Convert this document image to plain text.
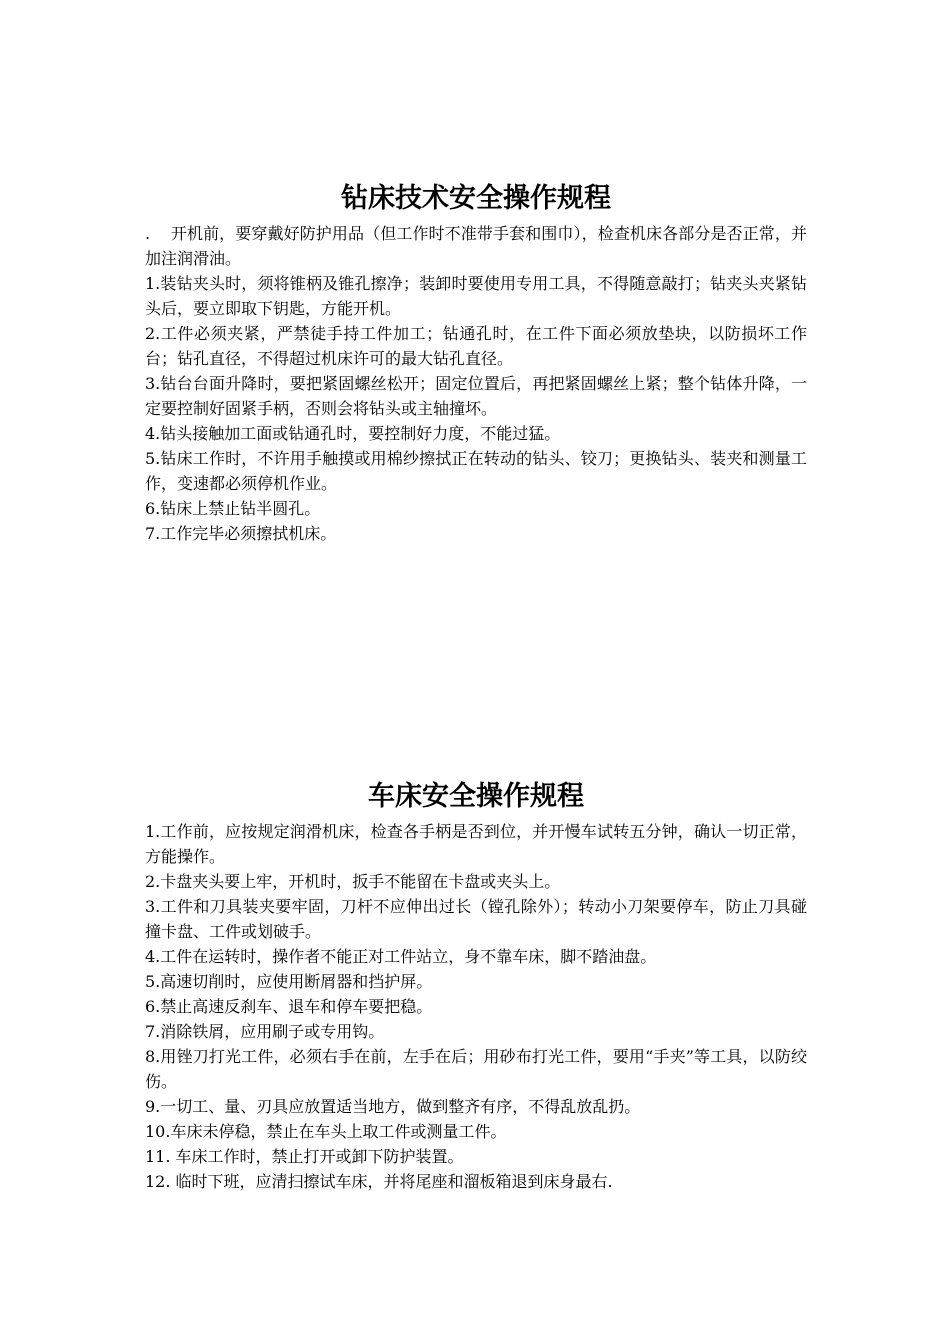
钻床技术安全操作规程
.    开机前，要穿戴好防护用品（但工作时不准带手套和围巾），检查机床各部分是否正常，并加注润滑油。
1.装钻夹头时，须将锥柄及锥孔擦净；装卸时要使用专用工具，不得随意敲打；钻夹头夹紧钻头后，要立即取下钥匙，方能开机。
2.工件必须夹紧，严禁徒手持工件加工；钻通孔时，在工件下面必须放垫块，以防损坏工作台；钻孔直径，不得超过机床许可的最大钻孔直径。
3.钻台台面升降时，要把紧固螺丝松开；固定位置后，再把紧固螺丝上紧；整个钻体升降，一定要控制好固紧手柄，否则会将钻头或主轴撞坏。
4.钻头接触加工面或钻通孔时，要控制好力度，不能过猛。
5.钻床工作时，不许用手触摸或用棉纱擦拭正在转动的钻头、铰刀；更换钻头、装夹和测量工作，变速都必须停机作业。
6.钻床上禁止钻半圆孔。
7.工作完毕必须擦拭机床。
车床安全操作规程
1.工作前，应按规定润滑机床，检查各手柄是否到位，并开慢车试转五分钟，确认一切正常，方能操作。
2.卡盘夹头要上牢，开机时，扳手不能留在卡盘或夹头上。
3.工件和刀具装夹要牢固，刀杆不应伸出过长（镗孔除外）；转动小刀架要停车，防止刀具碰撞卡盘、工件或划破手。
4.工件在运转时，操作者不能正对工件站立，身不靠车床，脚不踏油盘。
5.高速切削时，应使用断屑器和挡护屏。
6.禁止高速反刹车、退车和停车要把稳。
7.消除铁屑，应用刷子或专用钩。
8.用锉刀打光工件，必须右手在前，左手在后；用砂布打光工件，要用“手夹”等工具，以防绞伤。
9.一切工、量、刃具应放置适当地方，做到整齐有序，不得乱放乱扔。
10.车床未停稳，禁止在车头上取工件或测量工件。
11. 车床工作时，禁止打开或卸下防护装置。
12. 临时下班，应清扫擦试车床，并将尾座和溜板箱退到床身最右.
